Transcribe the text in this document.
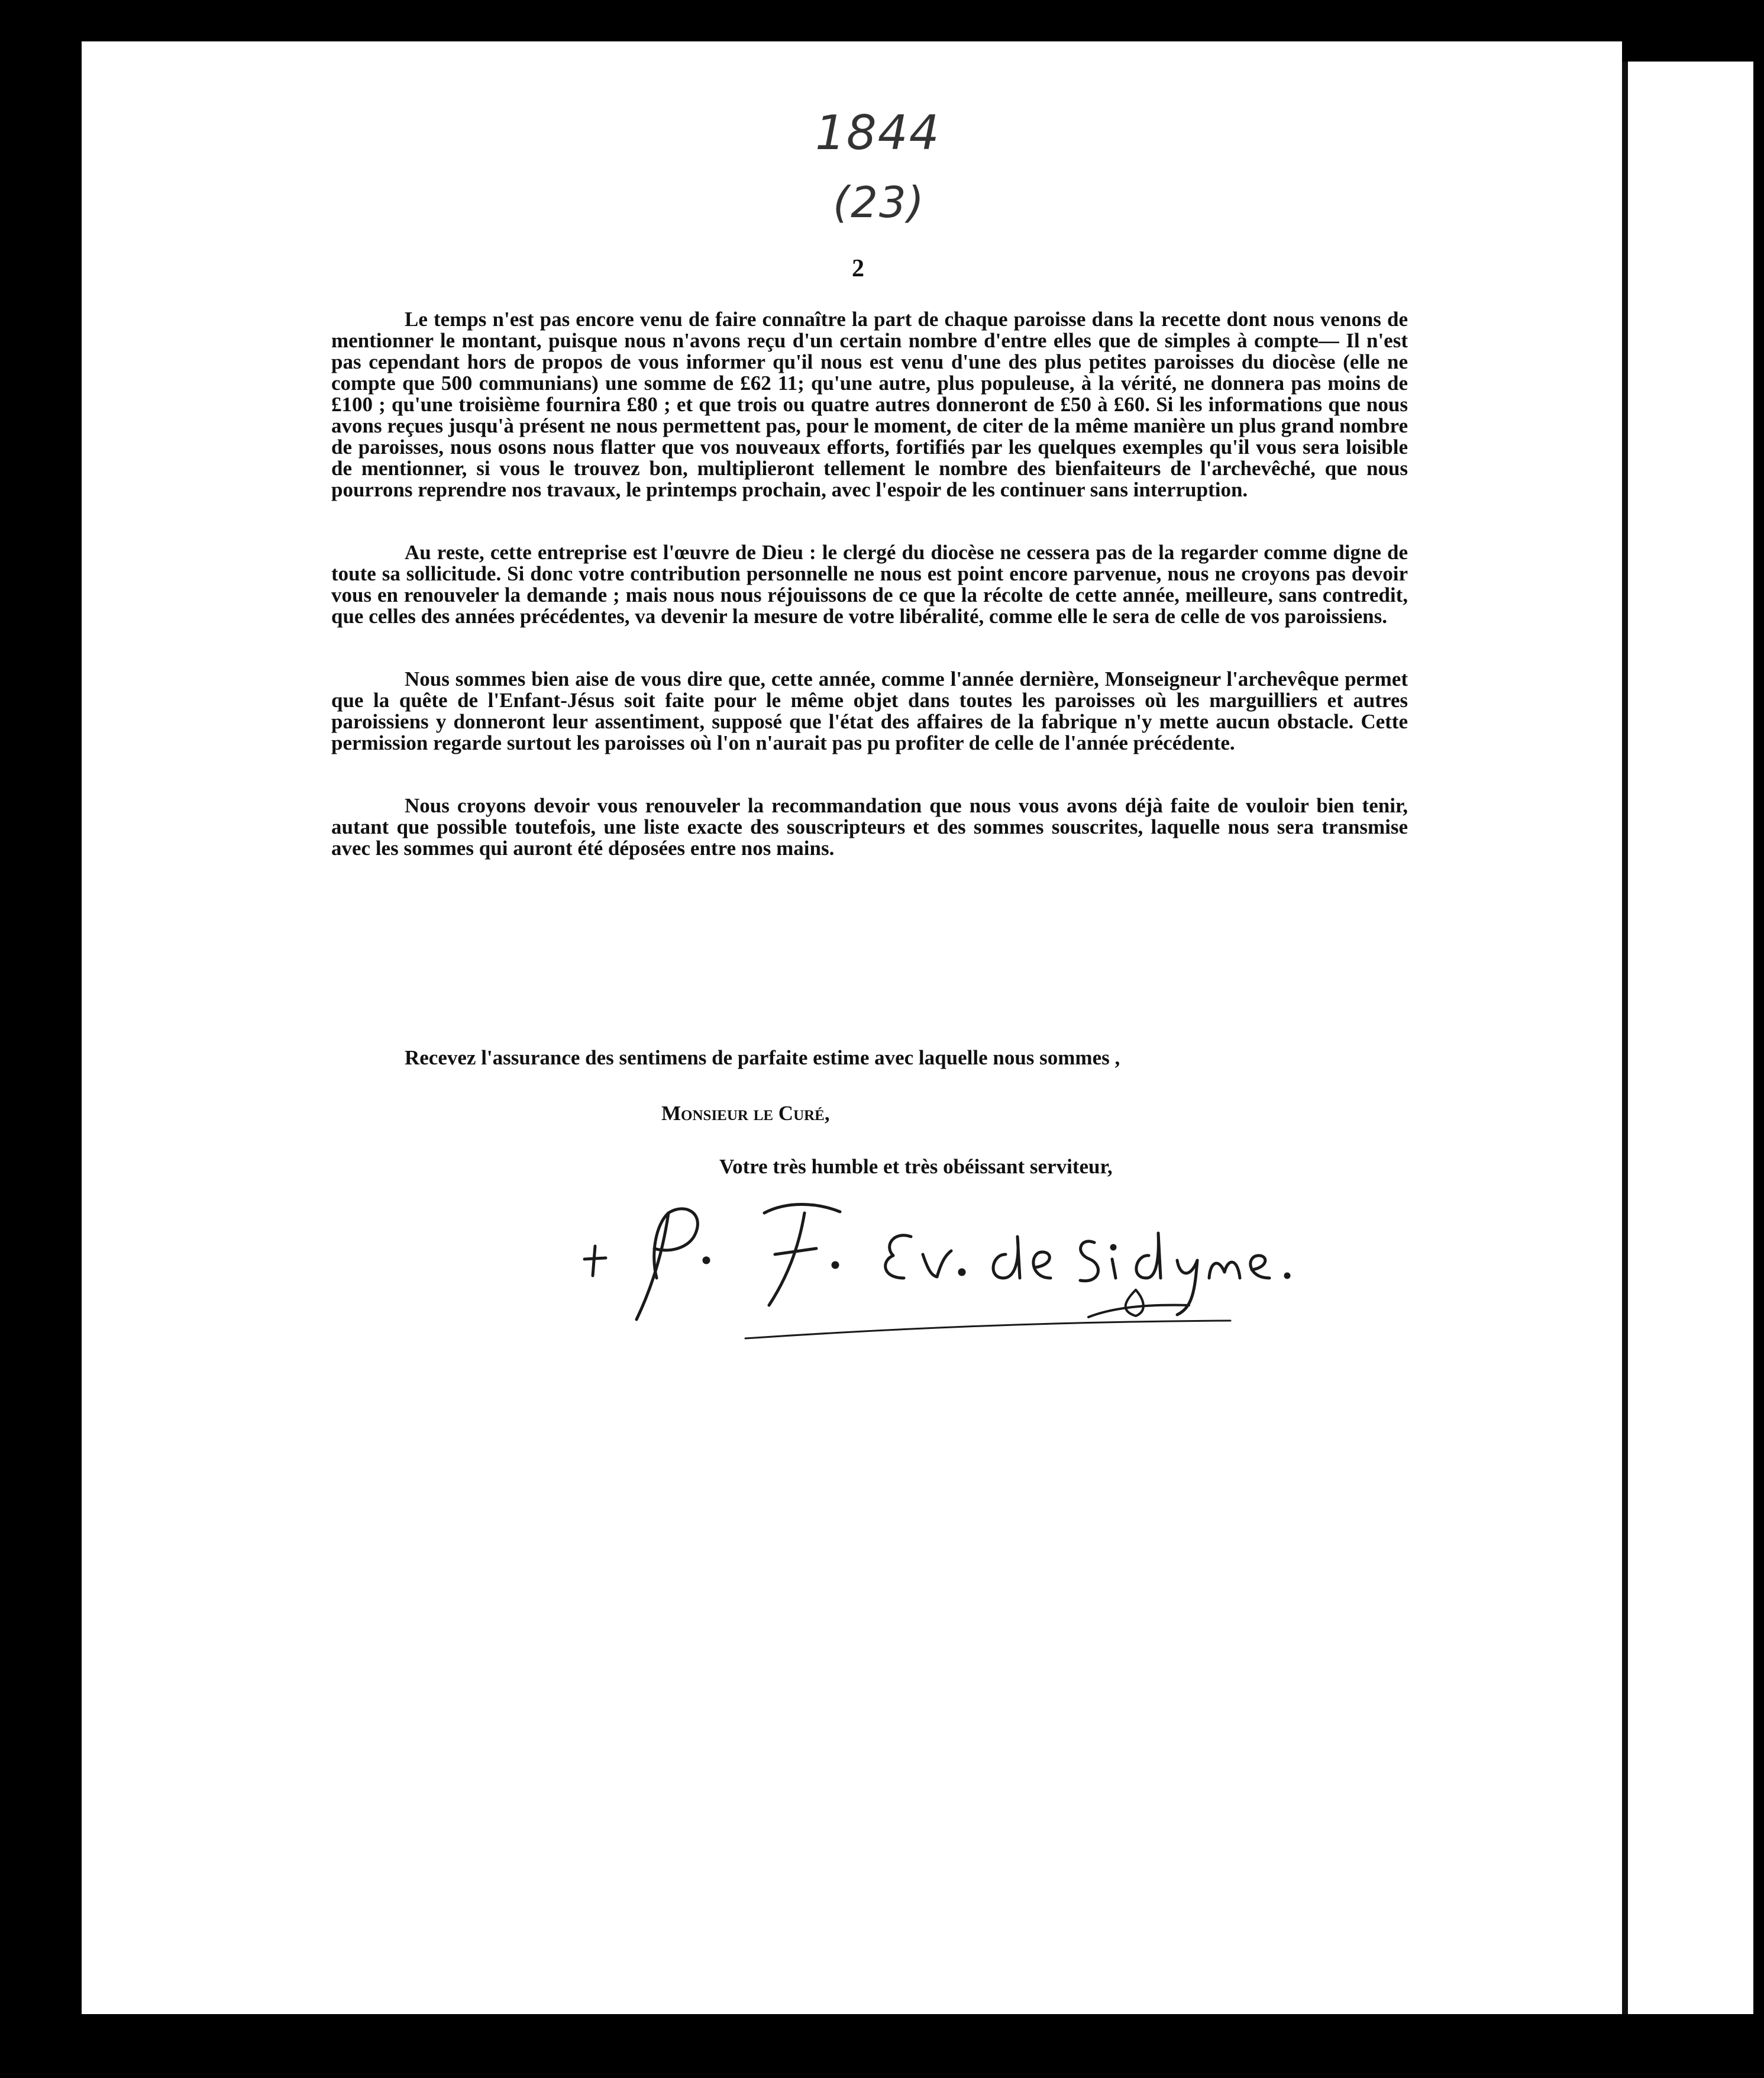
1844
(23)
2

Le temps n'est pas encore venu de faire connaître la part de chaque paroisse dans la recette dont nous venons de mentionner le montant, puisque nous n'avons reçu d'un certain nombre d'entre elles que de simples à compte— Il n'est pas cependant hors de propos de vous informer qu'il nous est venu d'une des plus petites paroisses du diocèse (elle ne compte que 500 communians) une somme de £62 11; qu'une autre, plus populeuse, à la vérité, ne donnera pas moins de £100 ; qu'une troisième fournira £80 ; et que trois ou quatre autres donneront de £50 à £60. Si les informations que nous avons reçues jusqu'à présent ne nous permettent pas, pour le moment, de citer de la même manière un plus grand nombre de paroisses, nous osons nous flatter que vos nouveaux efforts, fortifiés par les quelques exemples qu'il vous sera loisible de mentionner, si vous le trouvez bon, multiplieront tellement le nombre des bienfaiteurs de l'archevêché, que nous pourrons reprendre nos travaux, le printemps prochain, avec l'espoir de les continuer sans interruption.

Au reste, cette entreprise est l'œuvre de Dieu : le clergé du diocèse ne cessera pas de la regarder comme digne de toute sa sollicitude. Si donc votre contribution personnelle ne nous est point encore parvenue, nous ne croyons pas devoir vous en renouveler la demande ; mais nous nous réjouissons de ce que la récolte de cette année, meilleure, sans contredit, que celles des années précédentes, va devenir la mesure de votre libéralité, comme elle le sera de celle de vos paroissiens.

Nous sommes bien aise de vous dire que, cette année, comme l'année dernière, Monseigneur l'archevêque permet que la quête de l'Enfant-Jésus soit faite pour le même objet dans toutes les paroisses où les marguilliers et autres paroissiens y donneront leur assentiment, supposé que l'état des affaires de la fabrique n'y mette aucun obstacle. Cette permission regarde surtout les paroisses où l'on n'aurait pas pu profiter de celle de l'année précédente.

Nous croyons devoir vous renouveler la recommandation que nous vous avons déjà faite de vouloir bien tenir, autant que possible toutefois, une liste exacte des souscripteurs et des sommes souscrites, laquelle nous sera transmise avec les sommes qui auront été déposées entre nos mains.

Recevez l'assurance des sentimens de parfaite estime avec laquelle nous sommes ,
Monsieur le Curé,
Votre très humble et très obéissant serviteur,
